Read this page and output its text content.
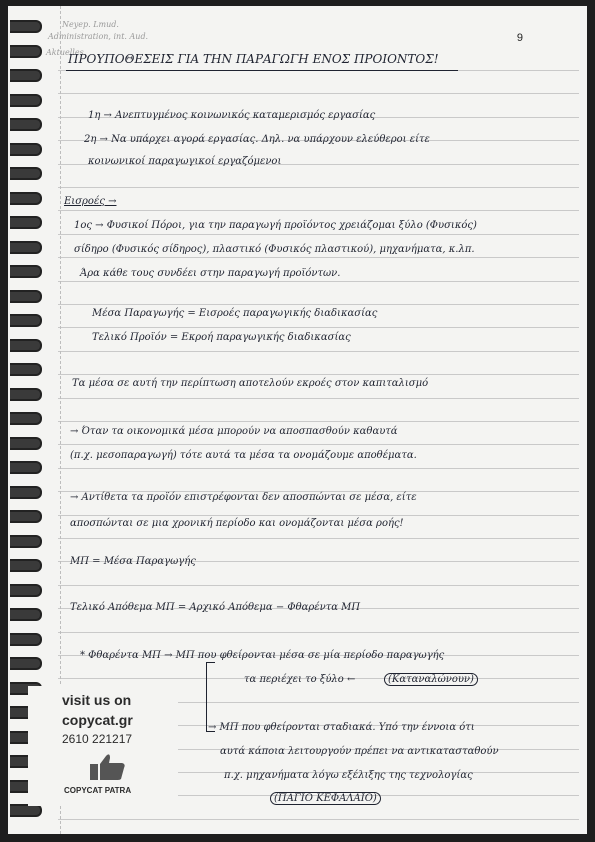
9
Neyep. Lmud.
Administration, int. Aud.
Aktuelles
ΠΡΟΥΠΟΘΕΣΕΙΣ ΓΙΑ ΤΗΝ ΠΑΡΑΓΩΓΗ ΕΝΟΣ ΠΡΟΙΟΝΤΟΣ!
1η → Ανεπτυγμένος κοινωνικός καταμερισμός εργασίας
2η → Να υπάρχει αγορά εργασίας. Δηλ. να υπάρχουν ελεύθεροι είτε
κοινωνικοί παραγωγικοί εργαζόμενοι
Εισροές →
1ος → Φυσικοί Πόροι, για την παραγωγή προϊόντος χρειάζομαι ξύλο (Φυσικός)
σίδηρο (Φυσικός σίδηρος), πλαστικό (Φυσικός πλαστικού), μηχανήματα, κ.λπ.
Άρα κάθε τους συνδέει στην παραγωγή προϊόντων.
Μέσα Παραγωγής = Εισροές παραγωγικής διαδικασίας
Τελικό Προϊόν = Εκροή παραγωγικής διαδικασίας
Τα μέσα σε αυτή την περίπτωση αποτελούν εκροές στον καπιταλισμό
→ Όταν τα οικονομικά μέσα μπορούν να αποσπασθούν καθαυτά
(π.χ. μεσοπαραγωγή) τότε αυτά τα μέσα τα ονομάζουμε αποθέματα.
→ Αντίθετα τα προϊόν επιστρέφονται δεν αποσπώνται σε μέσα, είτε
αποσπώνται σε μια χρονική περίοδο και ονομάζονται μέσα ροής!
ΜΠ = Μέσα Παραγωγής
Τελικό Απόθεμα ΜΠ = Αρχικό Απόθεμα − Φθαρέντα ΜΠ
* Φθαρέντα ΜΠ → ΜΠ που φθείρονται μέσα σε μία περίοδο παραγωγής
τα περιέχει το ξύλο ←	(Καταναλώνουν)
→ ΜΠ που φθείρονται σταδιακά. Υπό την έννοια ότι
αυτά κάποια λειτουργούν πρέπει να αντικατασταθούν
π.χ. μηχανήματα λόγω εξέλιξης της τεχνολογίας
(ΠΑΓΙΟ ΚΕΦΑΛΑΙΟ)
visit us on
copycat.gr
2610 221217
COPYCAT PATRA
